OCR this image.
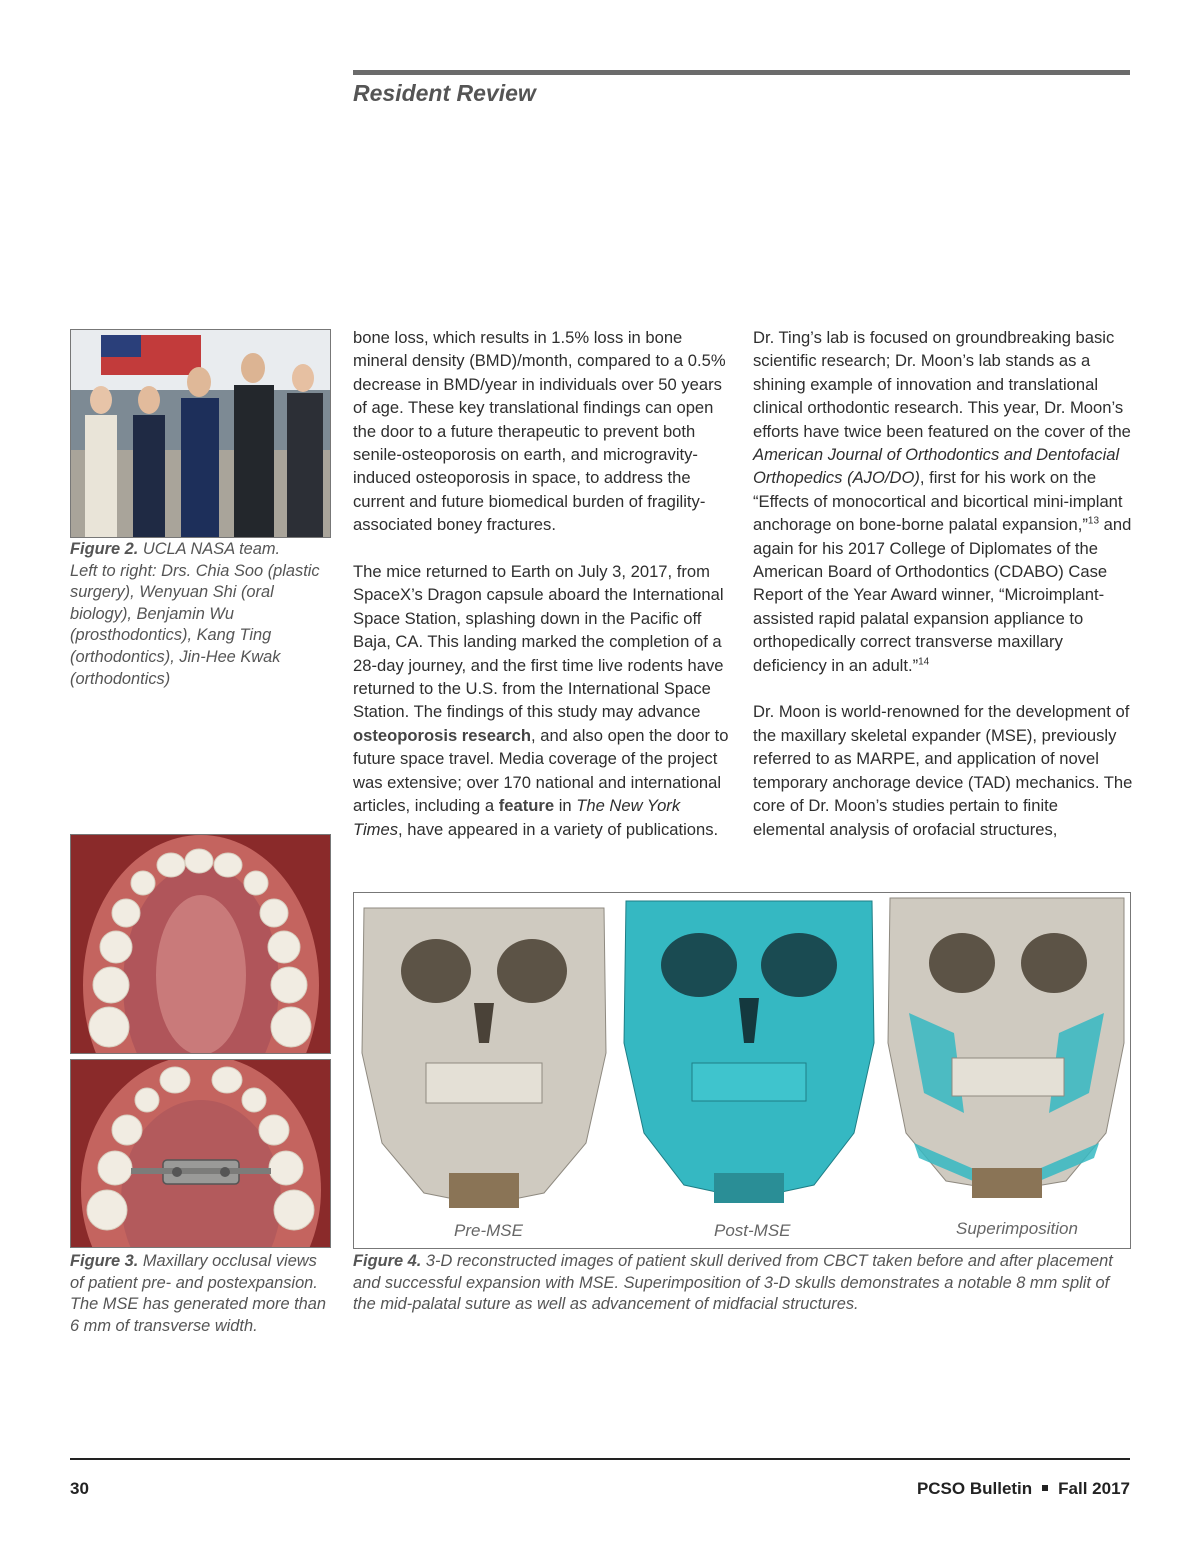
Resident Review
Figure 2. UCLA NASA team.
Left to right: Drs. Chia Soo (plastic surgery), Wenyuan Shi (oral biology), Benjamin Wu (prosthodontics), Kang Ting (orthodontics), Jin-Hee Kwak (orthodontics)

bone loss, which results in 1.5% loss in bone mineral density (BMD)/month, compared to a 0.5% decrease in BMD/year in individuals over 50 years of age. These key translational findings can open the door to a future therapeutic to prevent both senile-osteoporosis on earth, and microgravity-induced osteoporosis in space, to address the current and future biomedical burden of fragility-associated boney fractures.

The mice returned to Earth on July 3, 2017, from SpaceX’s Dragon capsule aboard the International Space Station, splashing down in the Pacific off Baja, CA. This landing marked the completion of a 28-day journey, and the first time live rodents have returned to the U.S. from the International Space Station. The findings of this study may advance osteoporosis research, and also open the door to future space travel. Media coverage of the project was extensive; over 170 national and international articles, including a feature in The New York Times, have appeared in a variety of publications.

Dr. Ting’s lab is focused on groundbreaking basic scientific research; Dr. Moon’s lab stands as a shining example of innovation and translational clinical orthodontic research. This year, Dr. Moon’s efforts have twice been featured on the cover of the American Journal of Orthodontics and Dentofacial Orthopedics (AJO/DO), first for his work on the “Effects of monocortical and bicortical mini-implant anchorage on bone-borne palatal expansion,”$^{13}$ and again for his 2017 College of Diplomates of the American Board of Orthodontics (CDABO) Case Report of the Year Award winner, “Microimplant-assisted rapid palatal expansion appliance to orthopedically correct transverse maxillary deficiency in an adult.”$^{14}$

Dr. Moon is world-renowned for the development of the maxillary skeletal expander (MSE), previously referred to as MARPE, and application of novel temporary anchorage device (TAD) mechanics. The core of Dr. Moon’s studies pertain to finite elemental analysis of orofacial structures,

Figure 3. Maxillary occlusal views of patient pre- and postexpansion. The MSE has generated more than 6 mm of transverse width.
Pre-MSE	Post-MSE	Superimposition
Figure 4. 3-D reconstructed images of patient skull derived from CBCT taken before and after placement and successful expansion with MSE. Superimposition of 3-D skulls demonstrates a notable 8 mm split of the mid-palatal suture as well as advancement of midfacial structures.
30	PCSO Bulletin Fall 2017
